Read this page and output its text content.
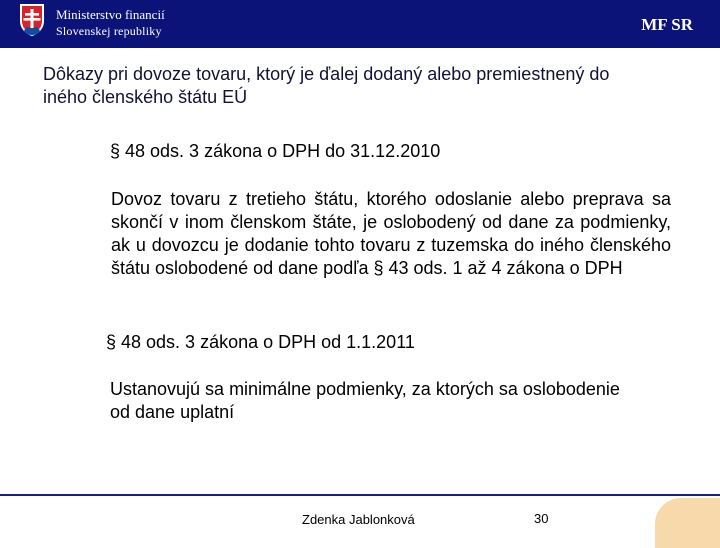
Ministerstvo financií
Slovenskej republiky	MF SR
Dôkazy pri dovoze tovaru, ktorý je ďalej dodaný alebo premiestnený do iného členského štátu EÚ
§ 48 ods. 3 zákona o DPH do 31.12.2010
Dovoz tovaru z tretieho štátu, ktorého odoslanie alebo preprava sa skončí v inom členskom štáte, je oslobodený od dane za podmienky, ak u dovozcu je dodanie tohto tovaru z tuzemska do iného členského štátu oslobodené od dane podľa § 43 ods. 1 až 4 zákona o DPH
§ 48 ods. 3 zákona o DPH od 1.1.2011
Ustanovujú sa minimálne podmienky, za ktorých sa oslobodenie od dane uplatní
Zdenka Jablonková	30
